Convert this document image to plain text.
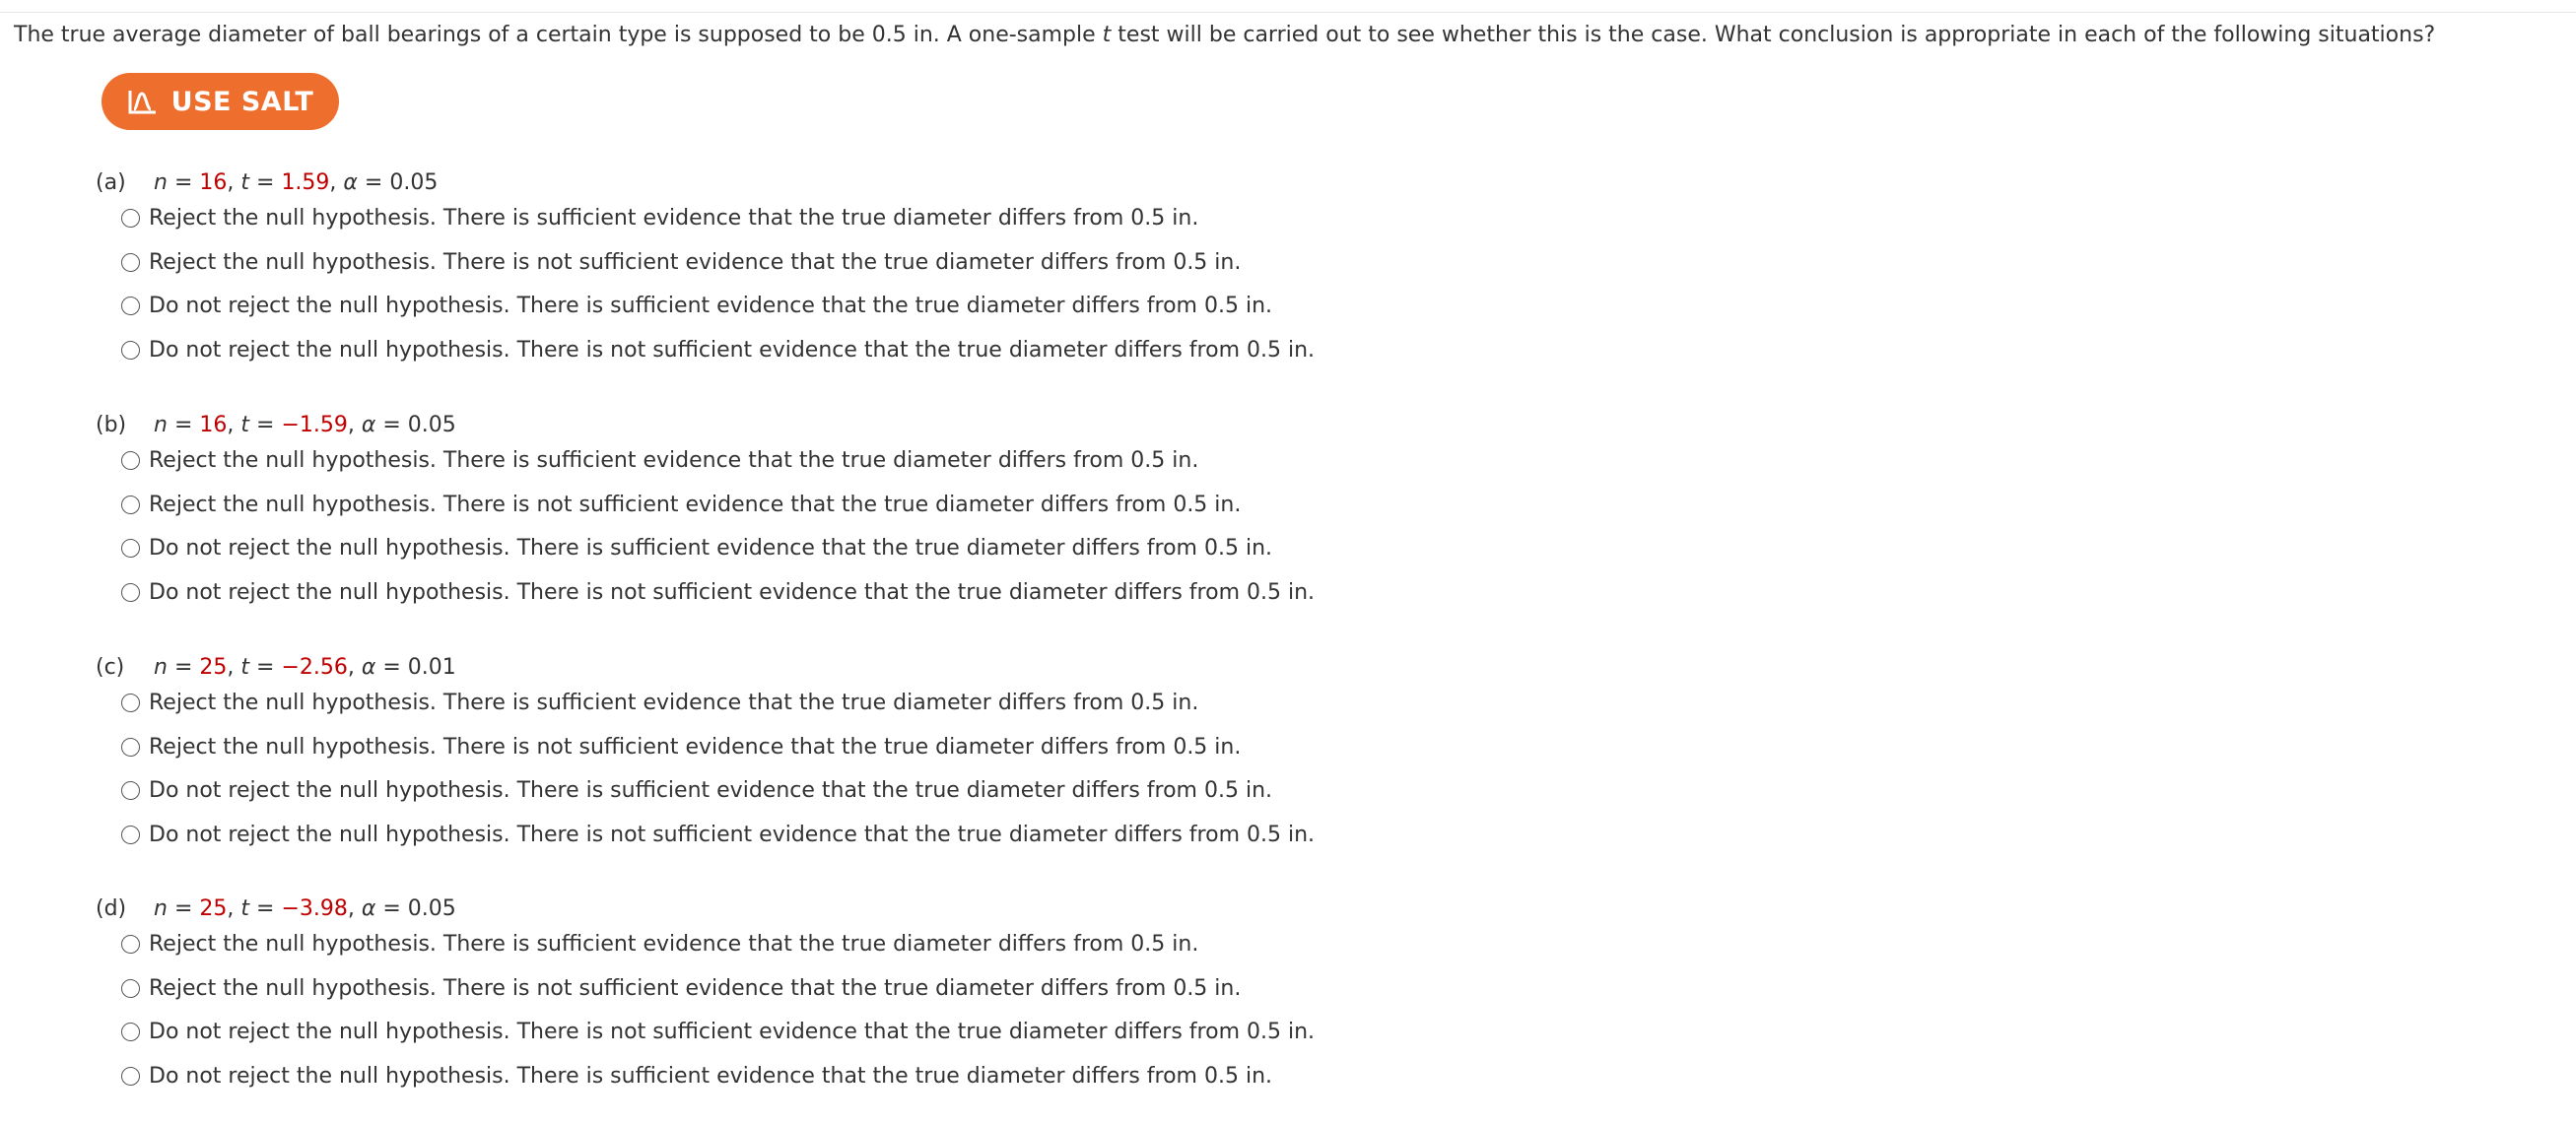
The true average diameter of ball bearings of a certain type is supposed to be 0.5 in. A one-sample t test will be carried out to see whether this is the case. What conclusion is appropriate in each of the following situations?
USE SALT
(a) n = 16, t = 1.59, α = 0.05
Reject the null hypothesis. There is sufficient evidence that the true diameter differs from 0.5 in.
Reject the null hypothesis. There is not sufficient evidence that the true diameter differs from 0.5 in.
Do not reject the null hypothesis. There is sufficient evidence that the true diameter differs from 0.5 in.
Do not reject the null hypothesis. There is not sufficient evidence that the true diameter differs from 0.5 in.
(b) n = 16, t = −1.59, α = 0.05
Reject the null hypothesis. There is sufficient evidence that the true diameter differs from 0.5 in.
Reject the null hypothesis. There is not sufficient evidence that the true diameter differs from 0.5 in.
Do not reject the null hypothesis. There is sufficient evidence that the true diameter differs from 0.5 in.
Do not reject the null hypothesis. There is not sufficient evidence that the true diameter differs from 0.5 in.
(c) n = 25, t = −2.56, α = 0.01
Reject the null hypothesis. There is sufficient evidence that the true diameter differs from 0.5 in.
Reject the null hypothesis. There is not sufficient evidence that the true diameter differs from 0.5 in.
Do not reject the null hypothesis. There is sufficient evidence that the true diameter differs from 0.5 in.
Do not reject the null hypothesis. There is not sufficient evidence that the true diameter differs from 0.5 in.
(d) n = 25, t = −3.98, α = 0.05
Reject the null hypothesis. There is sufficient evidence that the true diameter differs from 0.5 in.
Reject the null hypothesis. There is not sufficient evidence that the true diameter differs from 0.5 in.
Do not reject the null hypothesis. There is not sufficient evidence that the true diameter differs from 0.5 in.
Do not reject the null hypothesis. There is sufficient evidence that the true diameter differs from 0.5 in.
